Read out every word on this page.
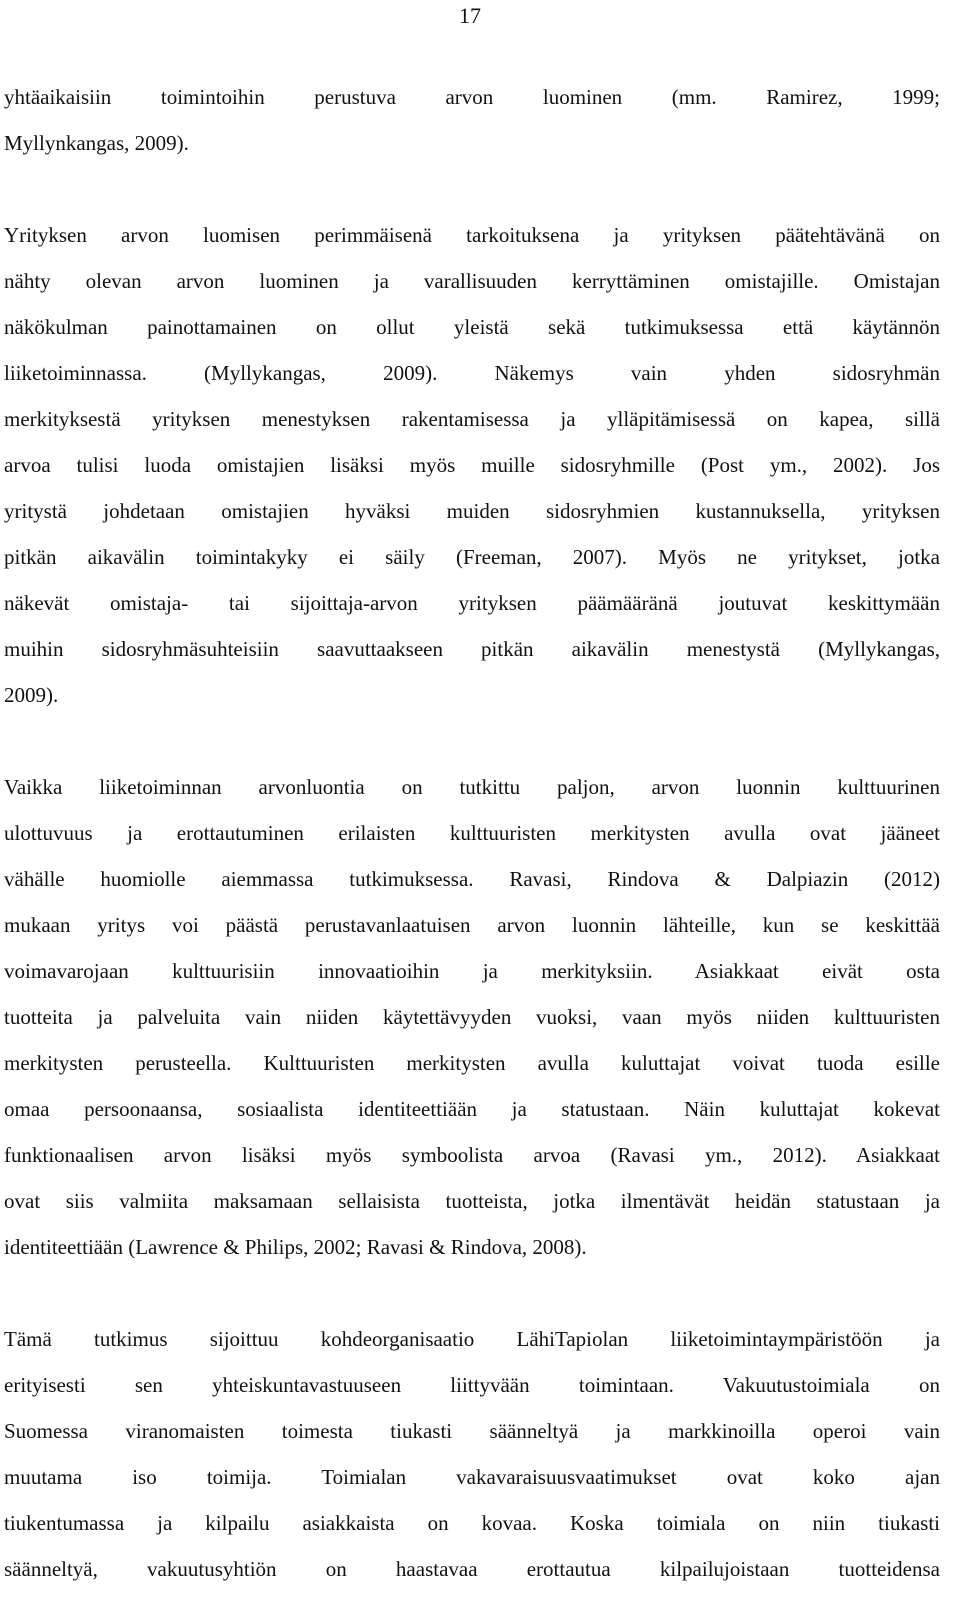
17
yhtäaikaisiin toimintoihin perustuva arvon luominen (mm. Ramirez, 1999;
Myllynkangas, 2009).
Yrityksen arvon luomisen perimmäisenä tarkoituksena ja yrityksen päätehtävänä on
nähty olevan arvon luominen ja varallisuuden kerryttäminen omistajille. Omistajan
näkökulman painottamainen on ollut yleistä sekä tutkimuksessa että käytännön
liiketoiminnassa. (Myllykangas, 2009). Näkemys vain yhden sidosryhmän
merkityksestä yrityksen menestyksen rakentamisessa ja ylläpitämisessä on kapea, sillä
arvoa tulisi luoda omistajien lisäksi myös muille sidosryhmille (Post ym., 2002). Jos
yritystä johdetaan omistajien hyväksi muiden sidosryhmien kustannuksella, yrityksen
pitkän aikavälin toimintakyky ei säily (Freeman, 2007). Myös ne yritykset, jotka
näkevät omistaja- tai sijoittaja-arvon yrityksen päämääränä joutuvat keskittymään
muihin sidosryhmäsuhteisiin saavuttaakseen pitkän aikavälin menestystä (Myllykangas,
2009).
Vaikka liiketoiminnan arvonluontia on tutkittu paljon, arvon luonnin kulttuurinen
ulottuvuus ja erottautuminen erilaisten kulttuuristen merkitysten avulla ovat jääneet
vähälle huomiolle aiemmassa tutkimuksessa. Ravasi, Rindova & Dalpiazin (2012)
mukaan yritys voi päästä perustavanlaatuisen arvon luonnin lähteille, kun se keskittää
voimavarojaan kulttuurisiin innovaatioihin ja merkityksiin. Asiakkaat eivät osta
tuotteita ja palveluita vain niiden käytettävyyden vuoksi, vaan myös niiden kulttuuristen
merkitysten perusteella. Kulttuuristen merkitysten avulla kuluttajat voivat tuoda esille
omaa persoonaansa, sosiaalista identiteettiään ja statustaan. Näin kuluttajat kokevat
funktionaalisen arvon lisäksi myös symboolista arvoa (Ravasi ym., 2012). Asiakkaat
ovat siis valmiita maksamaan sellaisista tuotteista, jotka ilmentävät heidän statustaan ja
identiteettiään (Lawrence & Philips, 2002; Ravasi & Rindova, 2008).
Tämä tutkimus sijoittuu kohdeorganisaatio LähiTapiolan liiketoimintaympäristöön ja
erityisesti sen yhteiskuntavastuuseen liittyvään toimintaan. Vakuutustoimiala on
Suomessa viranomaisten toimesta tiukasti säänneltyä ja markkinoilla operoi vain
muutama iso toimija. Toimialan vakavaraisuusvaatimukset ovat koko ajan
tiukentumassa ja kilpailu asiakkaista on kovaa. Koska toimiala on niin tiukasti
säänneltyä, vakuutusyhtiön on haastavaa erottautua kilpailujoistaan tuotteidensa
